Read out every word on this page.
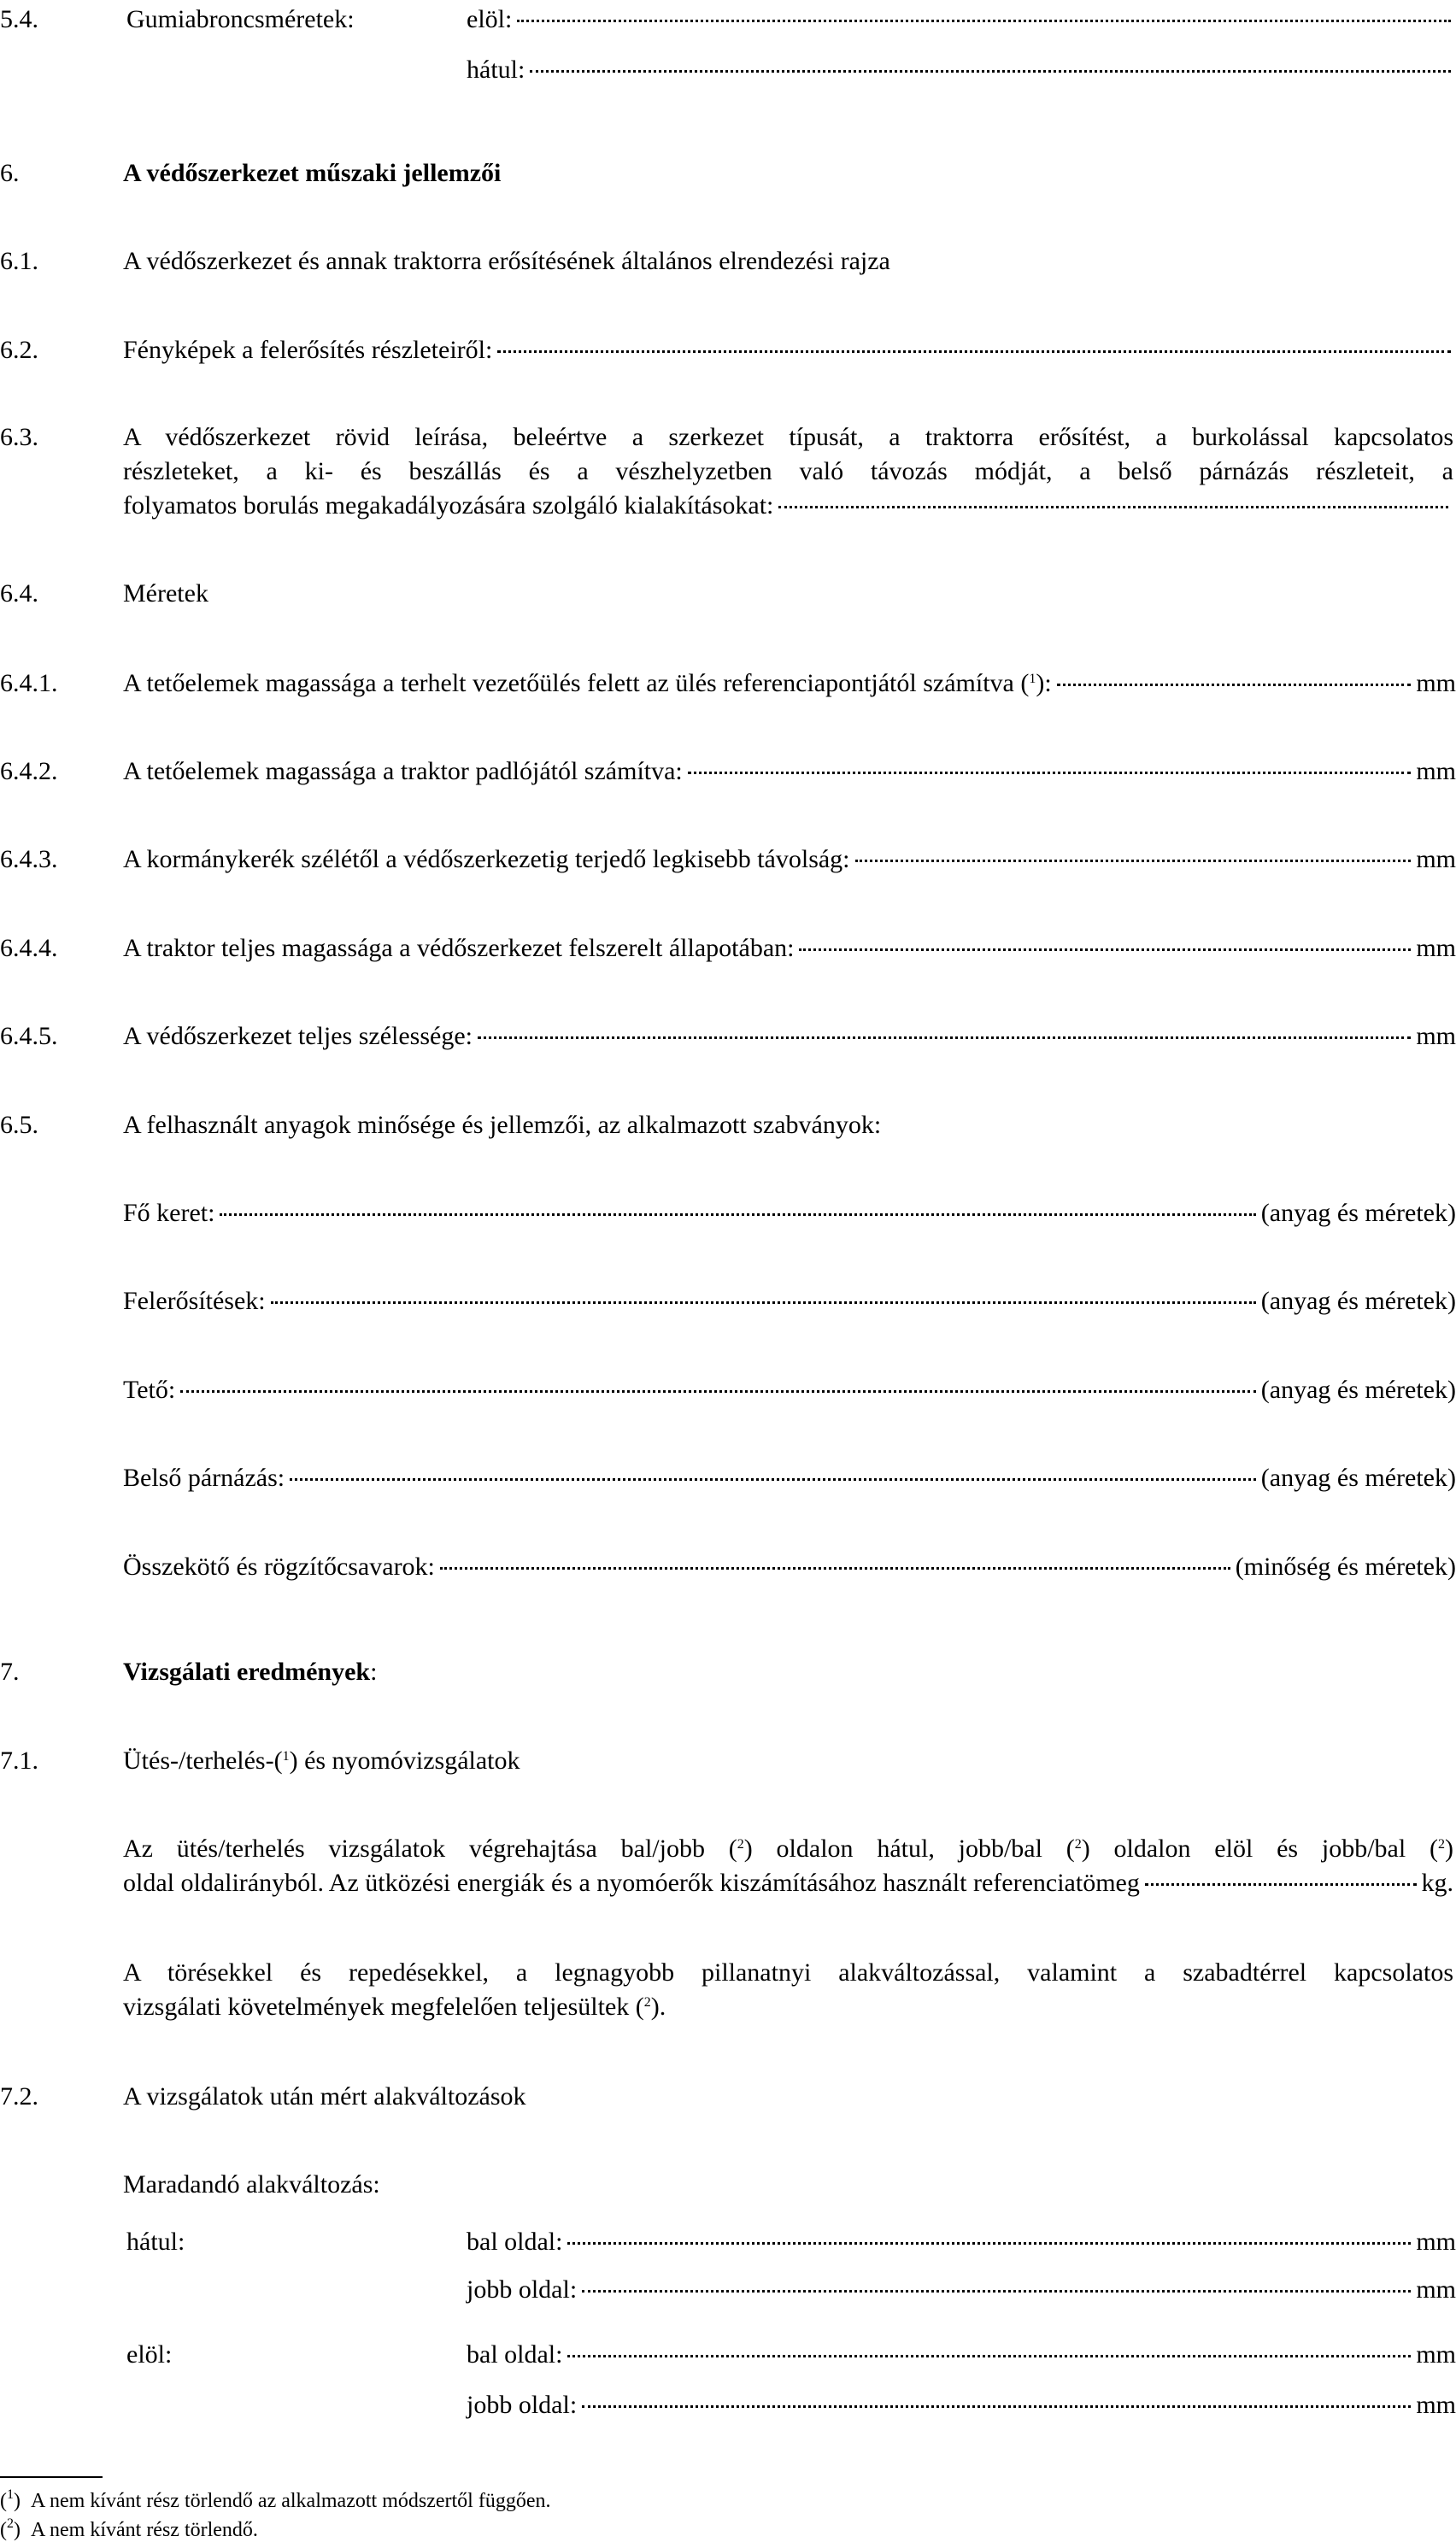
5.4.	Gumiabroncsméretek:	elöl:
hátul:
6.	A védőszerkezet műszaki jellemzői
6.1.	A védőszerkezet és annak traktorra erősítésének általános elrendezési rajza
6.2.	Fényképek a felerősítés részleteiről:
6.3.	A védőszerkezet rövid leírása, beleértve a szerkezet típusát, a traktorra erősítést, a burkolással kapcsolatos
részleteket, a ki- és beszállás és a vészhelyzetben való távozás módját, a belső párnázás részleteit, a
folyamatos borulás megakadályozására szolgáló kialakításokat:
6.4.	Méretek
6.4.1.	A tetőelemek magassága a terhelt vezetőülés felett az ülés referenciapontjától számítva ($^1$):	mm
6.4.2.	A tetőelemek magassága a traktor padlójától számítva:	mm
6.4.3.	A kormánykerék szélétől a védőszerkezetig terjedő legkisebb távolság:	mm
6.4.4.	A traktor teljes magassága a védőszerkezet felszerelt állapotában:	mm
6.4.5.	A védőszerkezet teljes szélessége:	mm
6.5.	A felhasznált anyagok minősége és jellemzői, az alkalmazott szabványok:
Fő keret:	(anyag és méretek)
Felerősítések:	(anyag és méretek)
Tető:	(anyag és méretek)
Belső párnázás:	(anyag és méretek)
Összekötő és rögzítőcsavarok:	(minőség és méretek)
7.	Vizsgálati eredmények:
7.1.	Ütés-/terhelés-($^1$) és nyomóvizsgálatok
Az ütés/terhelés vizsgálatok végrehajtása bal/jobb ($^2$) oldalon hátul, jobb/bal ($^2$) oldalon elöl és jobb/bal ($^2$)
oldal oldalirányból. Az ütközési energiák és a nyomóerők kiszámításához használt referenciatömeg	kg.
A törésekkel és repedésekkel, a legnagyobb pillanatnyi alakváltozással, valamint a szabadtérrel kapcsolatos
vizsgálati követelmények megfelelően teljesültek ($^2$).
7.2.	A vizsgálatok után mért alakváltozások
Maradandó alakváltozás:
hátul:	bal oldal:	mm
jobb oldal:	mm
elöl:	bal oldal:	mm
jobb oldal:	mm
($^1$)  A nem kívánt rész törlendő az alkalmazott módszertől függően.
($^2$)  A nem kívánt rész törlendő.
